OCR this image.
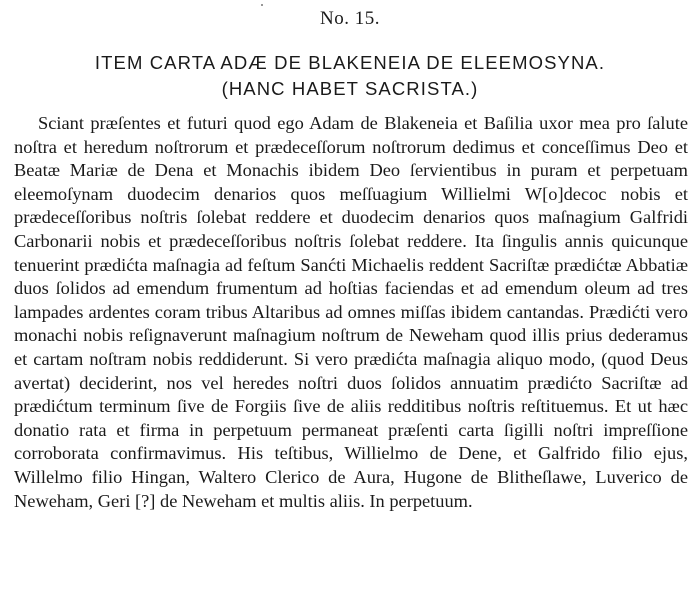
No. 15.
ITEM CARTA ADÆ DE BLAKENEIA DE ELEEMOSYNA.
(HANC HABET SACRISTA.)

Sciant præſentes et futuri quod ego Adam de Blakeneia et Baſilia uxor mea pro ſalute noſtra et heredum noſtrorum et prædeceſſorum noſtrorum dedimus et conceſſimus Deo et Beatæ Mariæ de Dena et Monachis ibidem Deo ſervientibus in puram et perpetuam eleemoſynam duodecim denarios quos meſſuagium Willielmi W[o]decoc nobis et prædeceſſoribus noſtris ſolebat reddere et duodecim denarios quos maſnagium Galfridi Carbonarii nobis et prædeceſſoribus noſtris ſolebat reddere. Ita ſingulis annis quicunque tenuerint prædićta maſnagia ad feſtum Sanćti Michaelis reddent Sacriſtæ prædićtæ Abbatiæ duos ſolidos ad emendum frumentum ad hoſtias faciendas et ad emendum oleum ad tres lampades ardentes coram tribus Altaribus ad omnes miſſas ibidem cantandas. Prædićti vero monachi nobis reſignaverunt maſnagium noſtrum de Neweham quod illis prius dederamus et cartam noſtram nobis reddiderunt. Si vero prædićta maſnagia aliquo modo, (quod Deus avertat) deciderint, nos vel heredes noſtri duos ſolidos annuatim prædićto Sacriſtæ ad prædićtum terminum ſive de Forgiis ſive de aliis redditibus noſtris reſtituemus. Et ut hæc donatio rata et firma in perpetuum permaneat præſenti carta ſigilli noſtri impreſſione corroborata confirmavimus. His teſtibus, Willielmo de Dene, et Galfrido filio ejus, Willelmo filio Hingan, Waltero Clerico de Aura, Hugone de Blitheſlawe, Luverico de Neweham, Geri [?] de Neweham et multis aliis. In perpetuum.
